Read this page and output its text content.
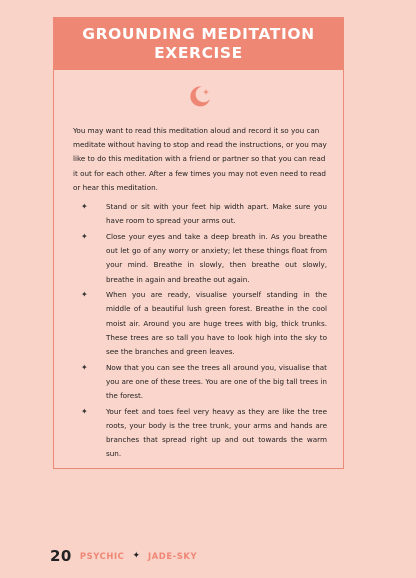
GROUNDING MEDITATION EXERCISE

You may want to read this meditation aloud and record it so you can meditate without having to stop and read the instructions, or you may like to do this meditation with a friend or partner so that you can read it out for each other. After a few times you may not even need to read or hear this meditation.

✦	Stand or sit with your feet hip width apart. Make sure you have room to spread your arms out.
✦	Close your eyes and take a deep breath in. As you breathe out let go of any worry or anxiety; let these things float from your mind. Breathe in slowly, then breathe out slowly, breathe in again and breathe out again.
✦	When you are ready, visualise yourself standing in the middle of a beautiful lush green forest. Breathe in the cool moist air. Around you are huge trees with big, thick trunks. These trees are so tall you have to look high into the sky to see the branches and green leaves.
✦	Now that you can see the trees all around you, visualise that you are one of these trees. You are one of the big tall trees in the forest.
✦	Your feet and toes feel very heavy as they are like the tree roots, your body is the tree trunk, your arms and hands are branches that spread right up and out towards the warm sun.
20 PSYCHIC ✦ JADE-SKY
